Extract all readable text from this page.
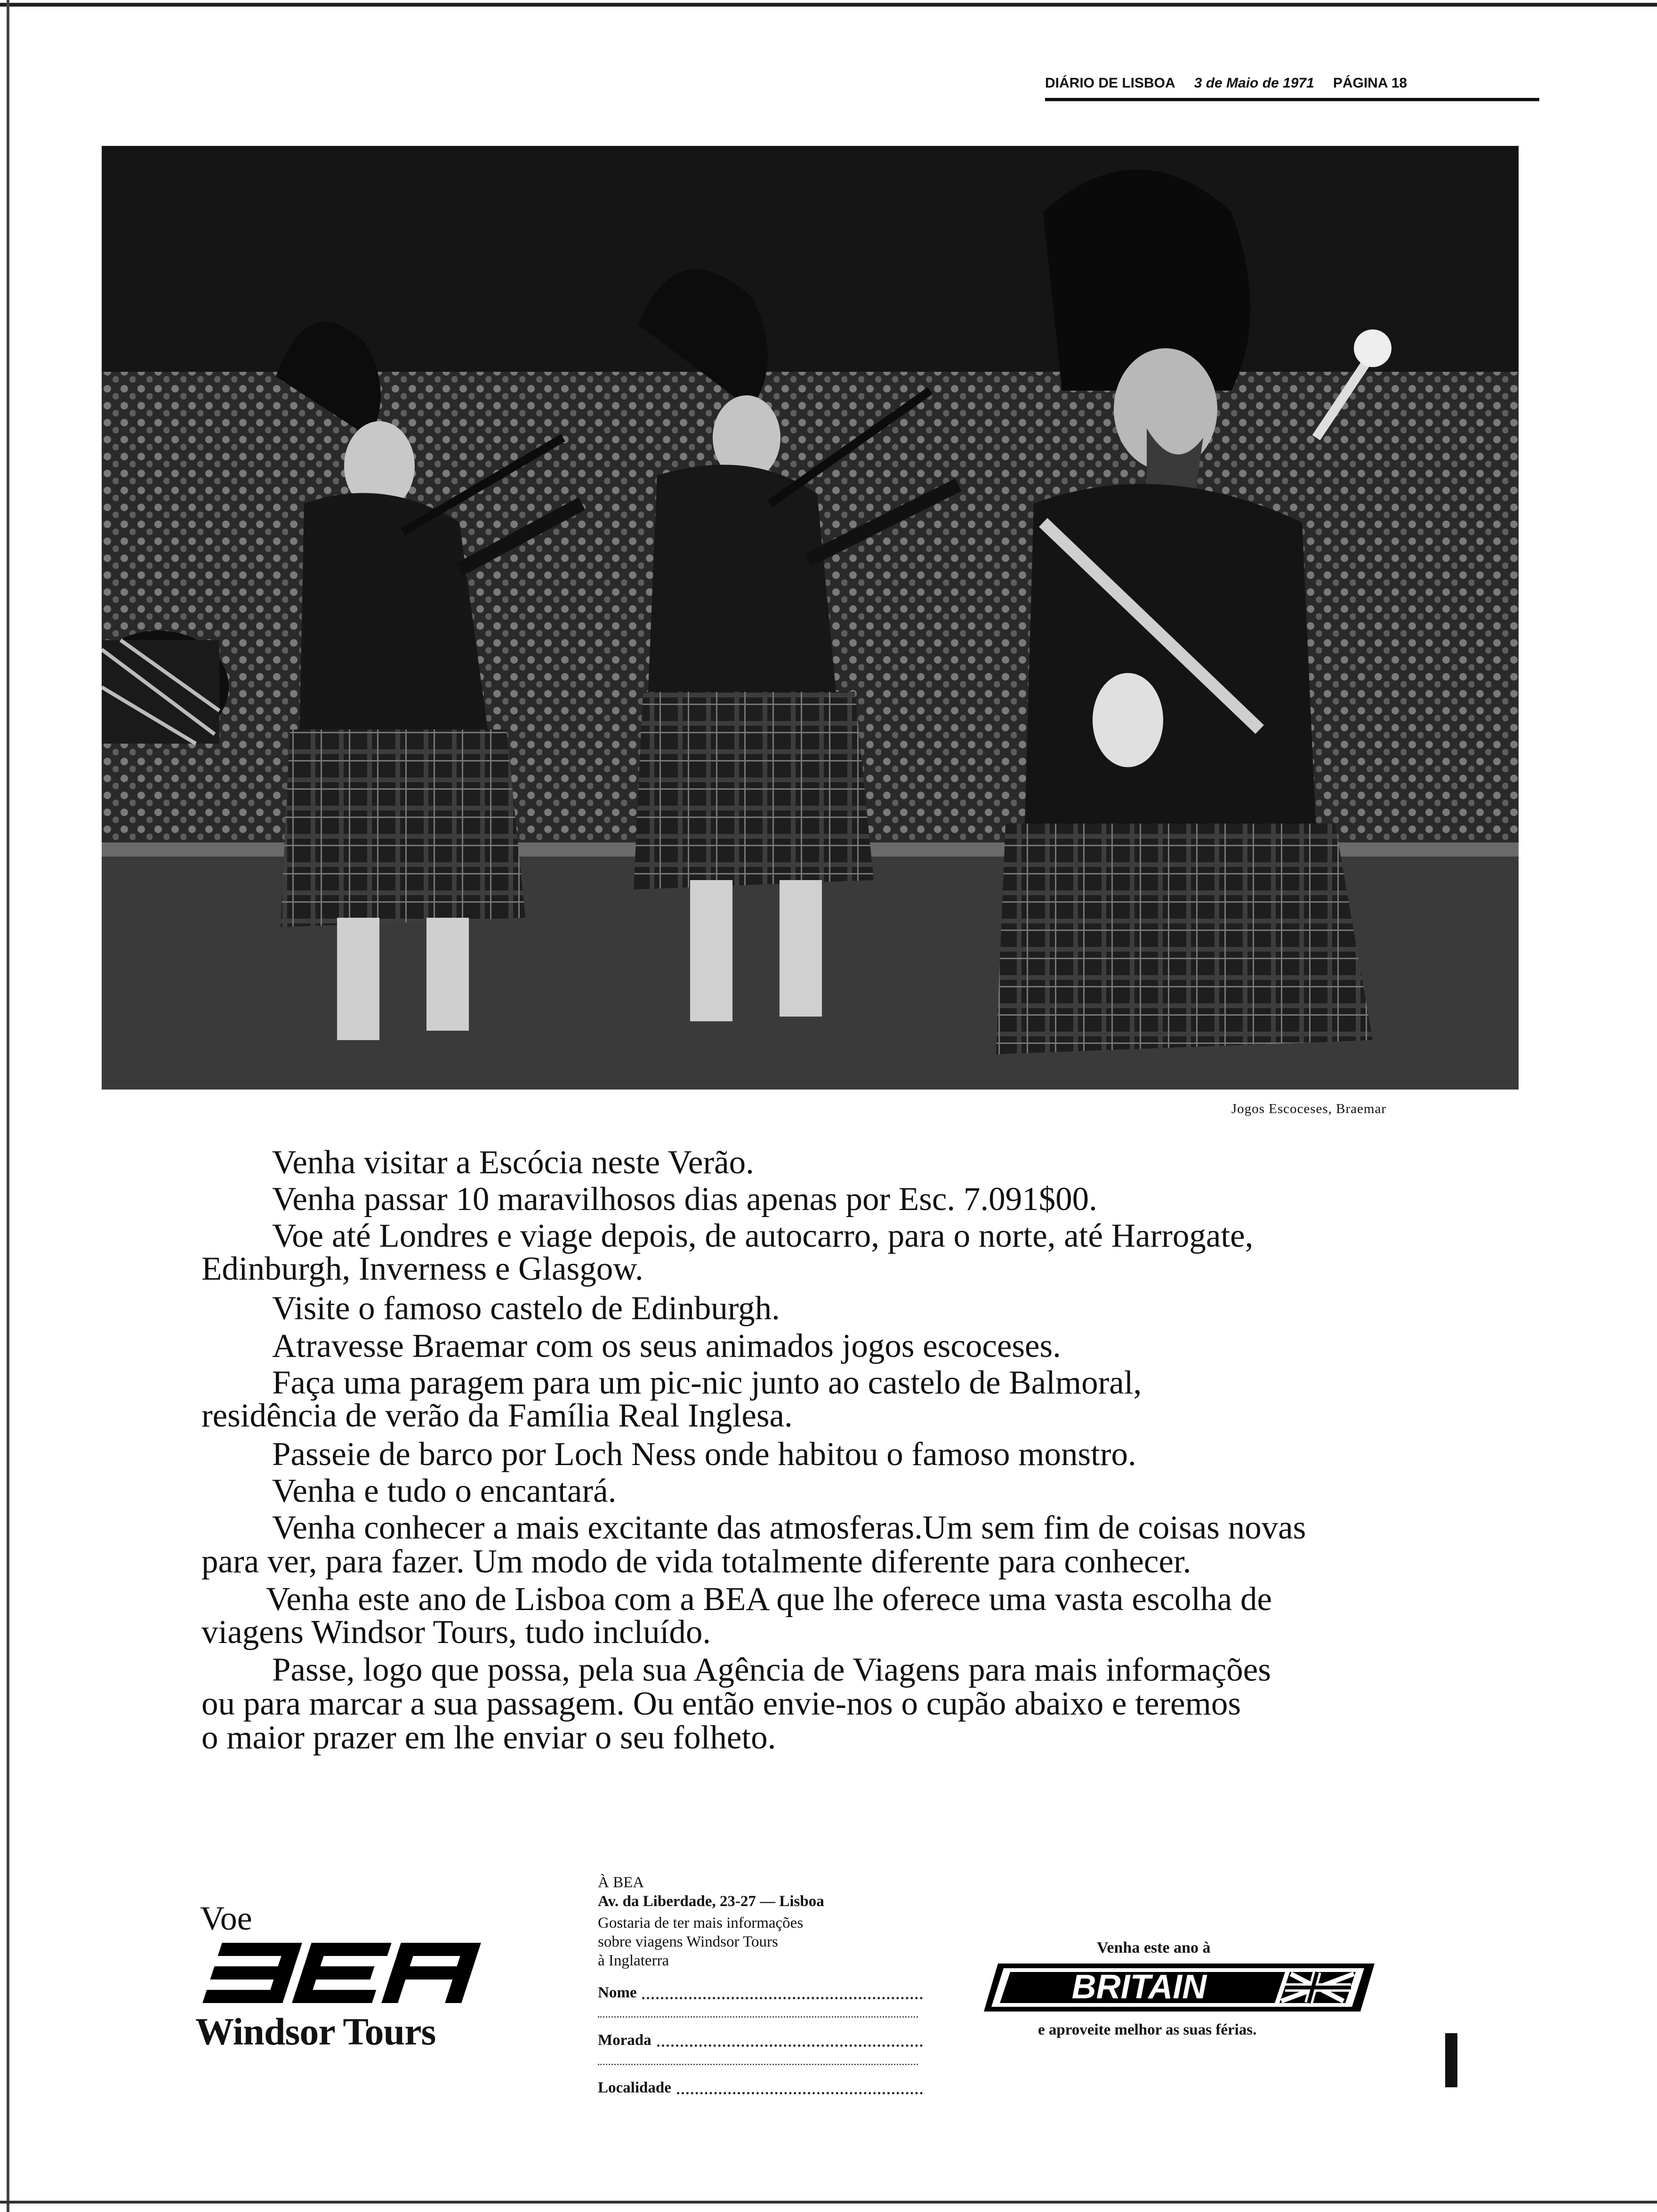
DIÁRIO DE LISBOA 3 de Maio de 1971 PÁGINA 18
Jogos Escoceses, Braemar
Venha visitar a Escócia neste Verão.
Venha passar 10 maravilhosos dias apenas por Esc. 7.091$00.
Voe até Londres e viage depois, de autocarro, para o norte, até Harrogate,
Edinburgh, Inverness e Glasgow.
Visite o famoso castelo de Edinburgh.
Atravesse Braemar com os seus animados jogos escoceses.
Faça uma paragem para um pic-nic junto ao castelo de Balmoral,
residência de verão da Família Real Inglesa.
Passeie de barco por Loch Ness onde habitou o famoso monstro.
Venha e tudo o encantará.
Venha conhecer a mais excitante das atmosferas.Um sem fim de coisas novas
para ver, para fazer. Um modo de vida totalmente diferente para conhecer.
Venha este ano de Lisboa com a BEA que lhe oferece uma vasta escolha de
viagens Windsor Tours, tudo incluído.
Passe, logo que possa, pela sua Agência de Viagens para mais informações
ou para marcar a sua passagem. Ou então envie-nos o cupão abaixo e teremos
o maior prazer em lhe enviar o seu folheto.
Voe
BEA
Windsor Tours
À BEA
Av. da Liberdade, 23-27 — Lisboa
Gostaria de ter mais informações
sobre viagens Windsor Tours
à Inglaterra
Nome
Morada
Localidade
Venha este ano à
BRITAIN
e aproveite melhor as suas férias.
